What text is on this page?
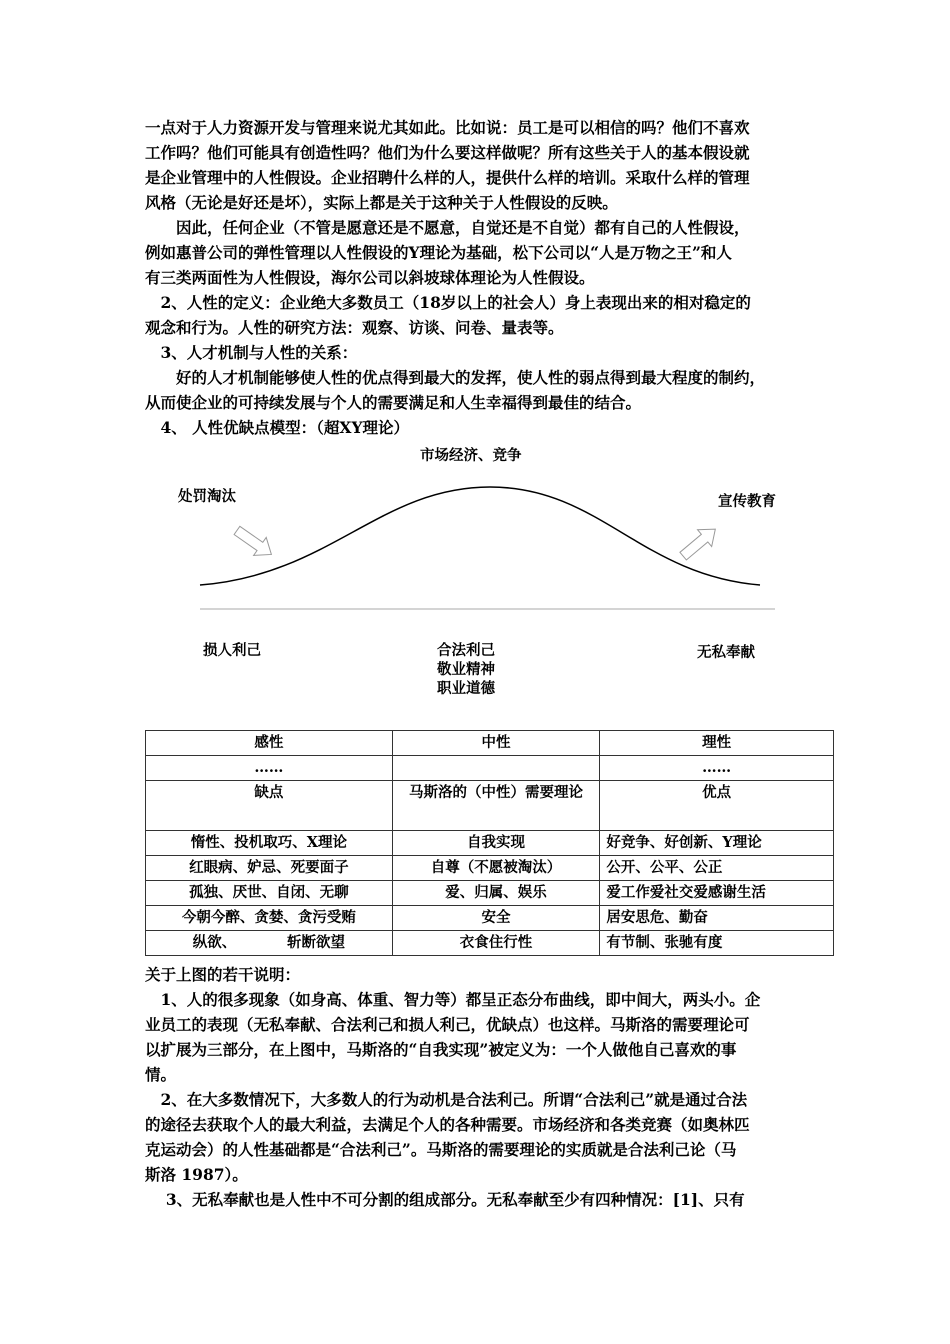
一点对于人力资源开发与管理来说尤其如此。比如说：员工是可以相信的吗？他们不喜欢
工作吗？他们可能具有创造性吗？他们为什么要这样做呢？所有这些关于人的基本假设就
是企业管理中的人性假设。企业招聘什么样的人，提供什么样的培训。采取什么样的管理
风格（无论是好还是坏），实际上都是关于这种关于人性假设的反映。
　　因此，任何企业（不管是愿意还是不愿意，自觉还是不自觉）都有自己的人性假设，
例如惠普公司的弹性管理以人性假设的Y理论为基础，松下公司以“人是万物之王”和人
有三类两面性为人性假设，海尔公司以斜坡球体理论为人性假设。
　2、人性的定义：企业绝大多数员工（18岁以上的社会人）身上表现出来的相对稳定的
观念和行为。人性的研究方法：观察、访谈、问卷、量表等。
　3、人才机制与人性的关系：
　　好的人才机制能够使人性的优点得到最大的发挥，使人性的弱点得到最大程度的制约，
从而使企业的可持续发展与个人的需要满足和人生幸福得到最佳的结合。
　4、 人性优缺点模型：（超XY理论）
市场经济、竞争
处罚淘汰	宣传教育
损人利己	合法利己
敬业精神
职业道德
无私奉献
感性	中性	理性
……		……
缺点	马斯洛的（中性）需要理论	优点
惰性、投机取巧、X理论	自我实现	好竞争、好创新、Y理论
红眼病、妒忌、死要面子	自尊（不愿被淘汰）	公开、公平、公正
孤独、厌世、自闭、无聊	爱、归属、娱乐	爱工作爱社交爱感谢生活
今朝今醉、贪婪、贪污受贿	安全	居安思危、勤奋
纵欲、　　　　斩断欲望	衣食住行性	有节制、张驰有度
关于上图的若干说明：
　1、人的很多现象（如身高、体重、智力等）都呈正态分布曲线，即中间大，两头小。企
业员工的表现（无私奉献、合法利己和损人利己，优缺点）也这样。马斯洛的需要理论可
以扩展为三部分，在上图中，马斯洛的“自我实现”被定义为：一个人做他自己喜欢的事
情。
　2、在大多数情况下，大多数人的行为动机是合法利己。所谓“合法利己”就是通过合法
的途径去获取个人的最大利益，去满足个人的各种需要。市场经济和各类竞赛（如奥林匹
克运动会）的人性基础都是“合法利己”。马斯洛的需要理论的实质就是合法利己论（马
斯洛 1987）。
　 3、无私奉献也是人性中不可分割的组成部分。无私奉献至少有四种情况：[1]、只有
